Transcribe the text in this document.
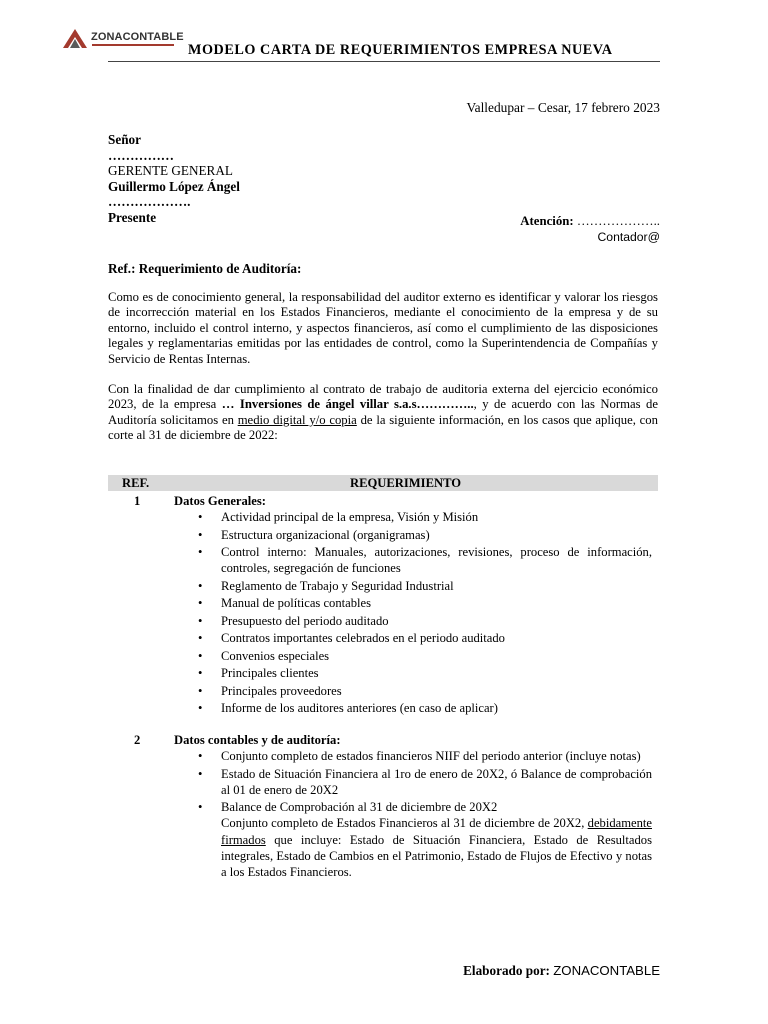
ZONACONTABLE
MODELO CARTA DE REQUERIMIENTOS EMPRESA NUEVA
Valledupar – Cesar, 17 febrero 2023
Señor
……………
GERENTE GENERAL
Guillermo López Ángel
……………….
Presente	Atención: ………………..
Contador@
Ref.: Requerimiento de Auditoría:
Como es de conocimiento general, la responsabilidad del auditor externo es identificar y valorar los riesgos de incorrección material en los Estados Financieros, mediante el conocimiento de la empresa y de su entorno, incluido el control interno, y aspectos financieros, así como el cumplimiento de las disposiciones legales y reglamentarias emitidas por las entidades de control, como la Superintendencia de Compañías y Servicio de Rentas Internas.
Con la finalidad de dar cumplimiento al contrato de trabajo de auditoria externa del ejercicio económico 2023, de la empresa … Inversiones de ángel villar s.a.s………….., y de acuerdo con las Normas de Auditoría solicitamos en medio digital y/o copia de la siguiente información, en los casos que aplique, con corte al 31 de diciembre de 2022:
REF.	REQUERIMIENTO
1	Datos Generales:
• Actividad principal de la empresa, Visión y Misión
• Estructura organizacional (organigramas)
• Control interno: Manuales, autorizaciones, revisiones, proceso de información, controles, segregación de funciones
• Reglamento de Trabajo y Seguridad Industrial
• Manual de políticas contables
• Presupuesto del periodo auditado
• Contratos importantes celebrados en el periodo auditado
• Convenios especiales
• Principales clientes
• Principales proveedores
• Informe de los auditores anteriores (en caso de aplicar)
2	Datos contables y de auditoría:
• Conjunto completo de estados financieros NIIF del periodo anterior (incluye notas)
• Estado de Situación Financiera al 1ro de enero de 20X2, ó Balance de comprobación al 01 de enero de 20X2
• Balance de Comprobación al 31 de diciembre de 20X2
Conjunto completo de Estados Financieros al 31 de diciembre de 20X2, debidamente firmados que incluye: Estado de Situación Financiera, Estado de Resultados integrales, Estado de Cambios en el Patrimonio, Estado de Flujos de Efectivo y notas a los Estados Financieros.
Elaborado por: ZONACONTABLE
